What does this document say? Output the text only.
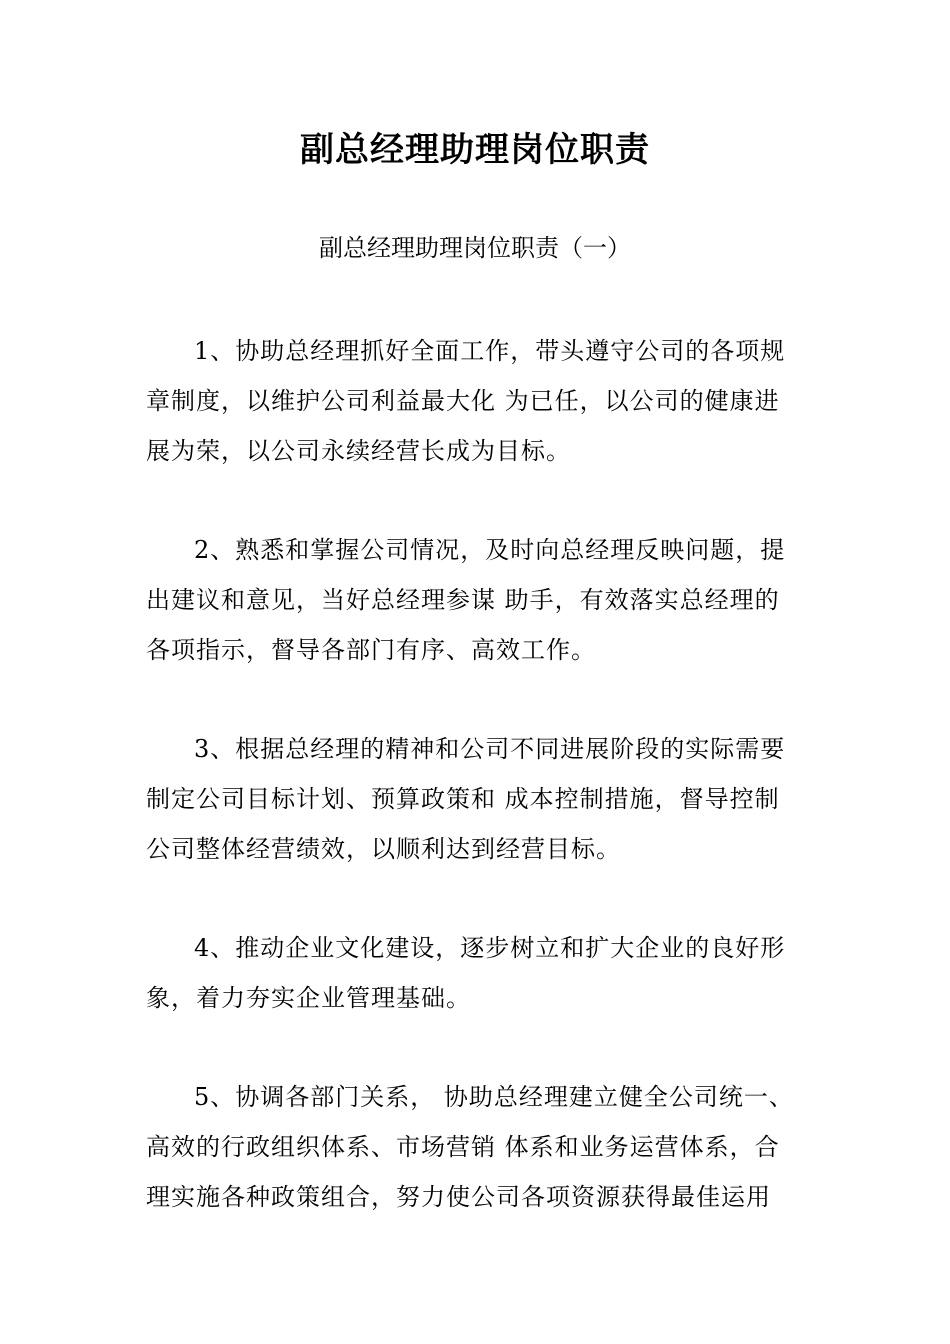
副总经理助理岗位职责
副总经理助理岗位职责（一）
1、协助总经理抓好全面工作，带头遵守公司的各项规
章制度，以维护公司利益最大化 为已任，以公司的健康进
展为荣，以公司永续经营长成为目标。
2、熟悉和掌握公司情况，及时向总经理反映问题，提
出建议和意见，当好总经理参谋 助手，有效落实总经理的
各项指示，督导各部门有序、高效工作。
3、根据总经理的精神和公司不同进展阶段的实际需要
制定公司目标计划、预算政策和 成本控制措施，督导控制
公司整体经营绩效，以顺利达到经营目标。
4、推动企业文化建设，逐步树立和扩大企业的良好形
象，着力夯实企业管理基础。
5、协调各部门关系， 协助总经理建立健全公司统一、
高效的行政组织体系、市场营销 体系和业务运营体系，合
理实施各种政策组合，努力使公司各项资源获得最佳运用
